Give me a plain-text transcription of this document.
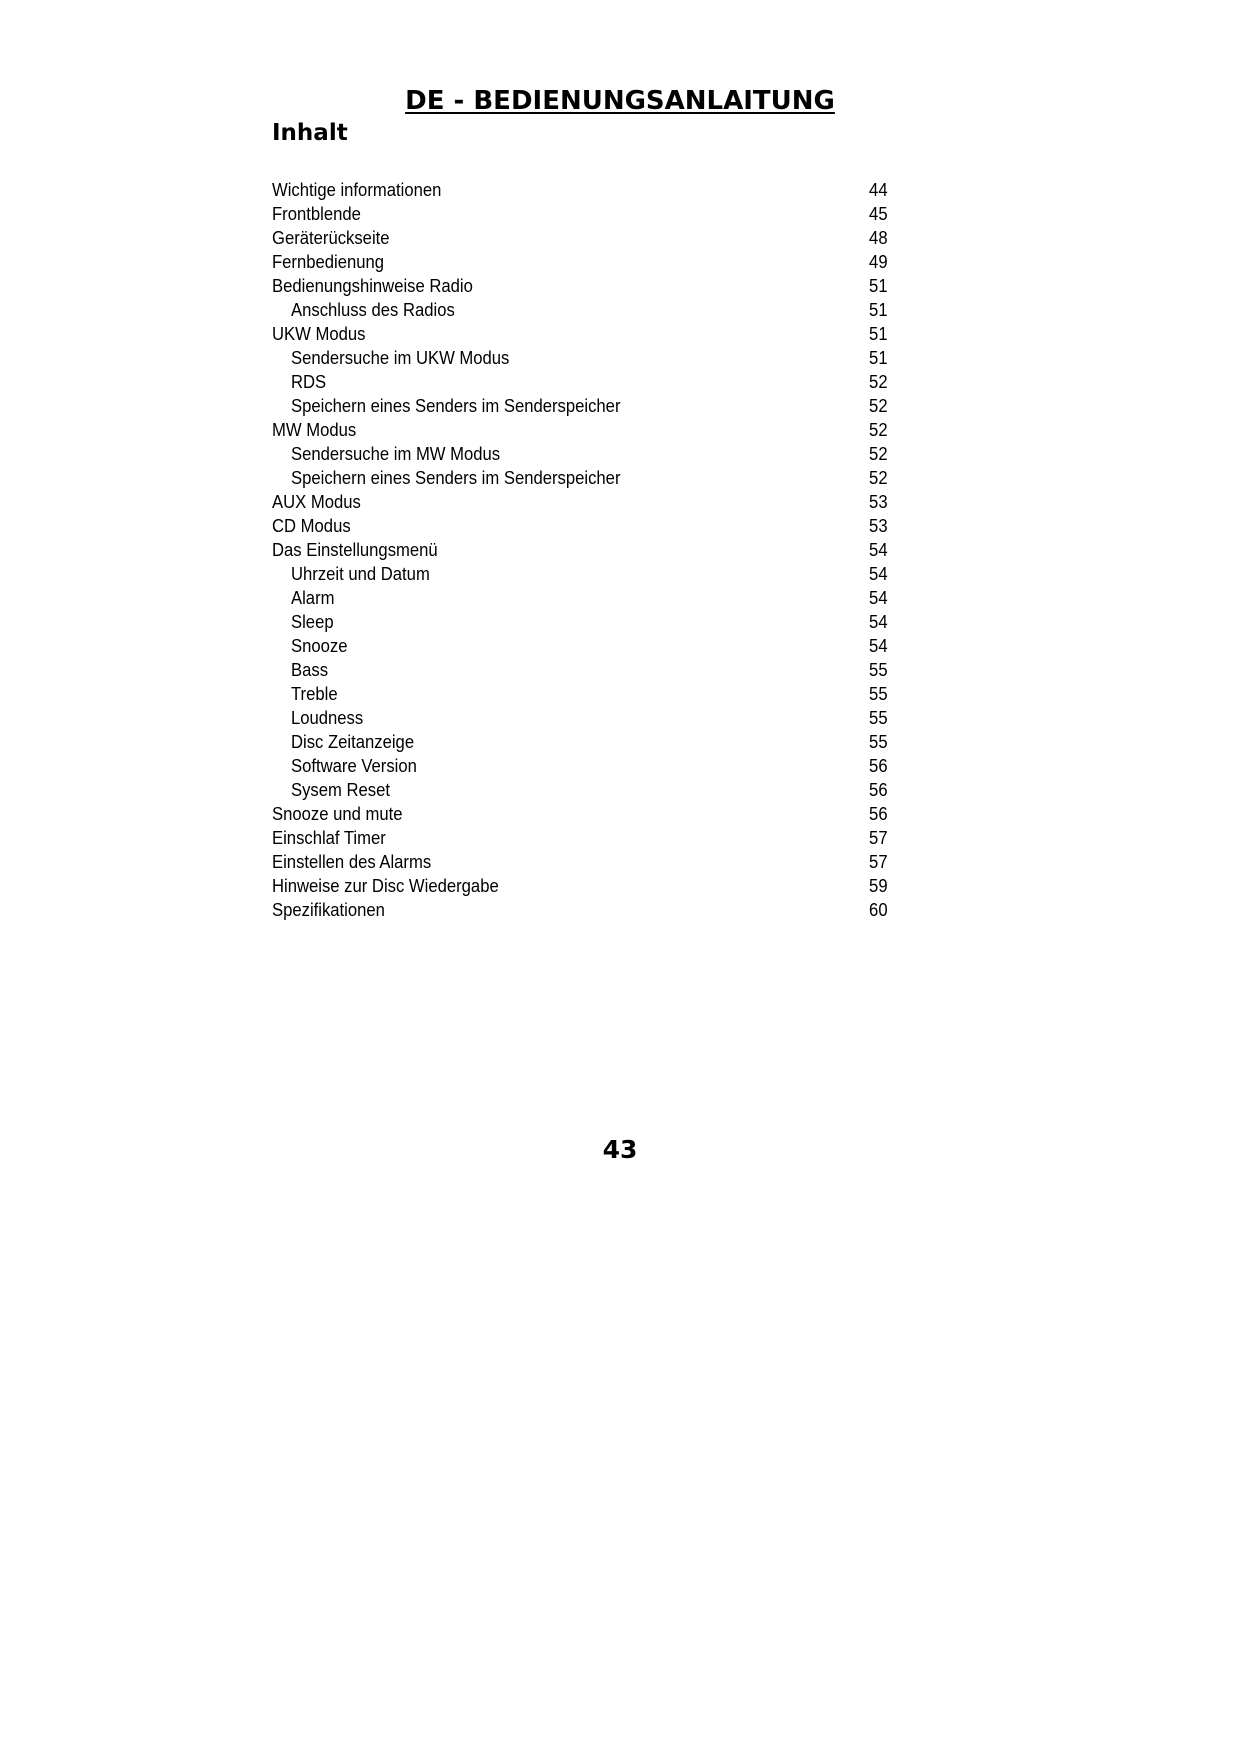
DE - BEDIENUNGSANLAITUNG
Inhalt
Wichtige informationen	44
Frontblende	45
Geräterückseite	48
Fernbedienung	49
Bedienungshinweise Radio	51
Anschluss des Radios	51
UKW Modus	51
Sendersuche im UKW Modus	51
RDS	52
Speichern eines Senders im Senderspeicher	52
MW Modus	52
Sendersuche im MW Modus	52
Speichern eines Senders im Senderspeicher	52
AUX Modus	53
CD Modus	53
Das Einstellungsmenü	54
Uhrzeit und Datum	54
Alarm	54
Sleep	54
Snooze	54
Bass	55
Treble	55
Loudness	55
Disc Zeitanzeige	55
Software Version	56
Sysem Reset	56
Snooze und mute	56
Einschlaf Timer	57
Einstellen des Alarms	57
Hinweise zur Disc Wiedergabe	59
Spezifikationen	60
43
